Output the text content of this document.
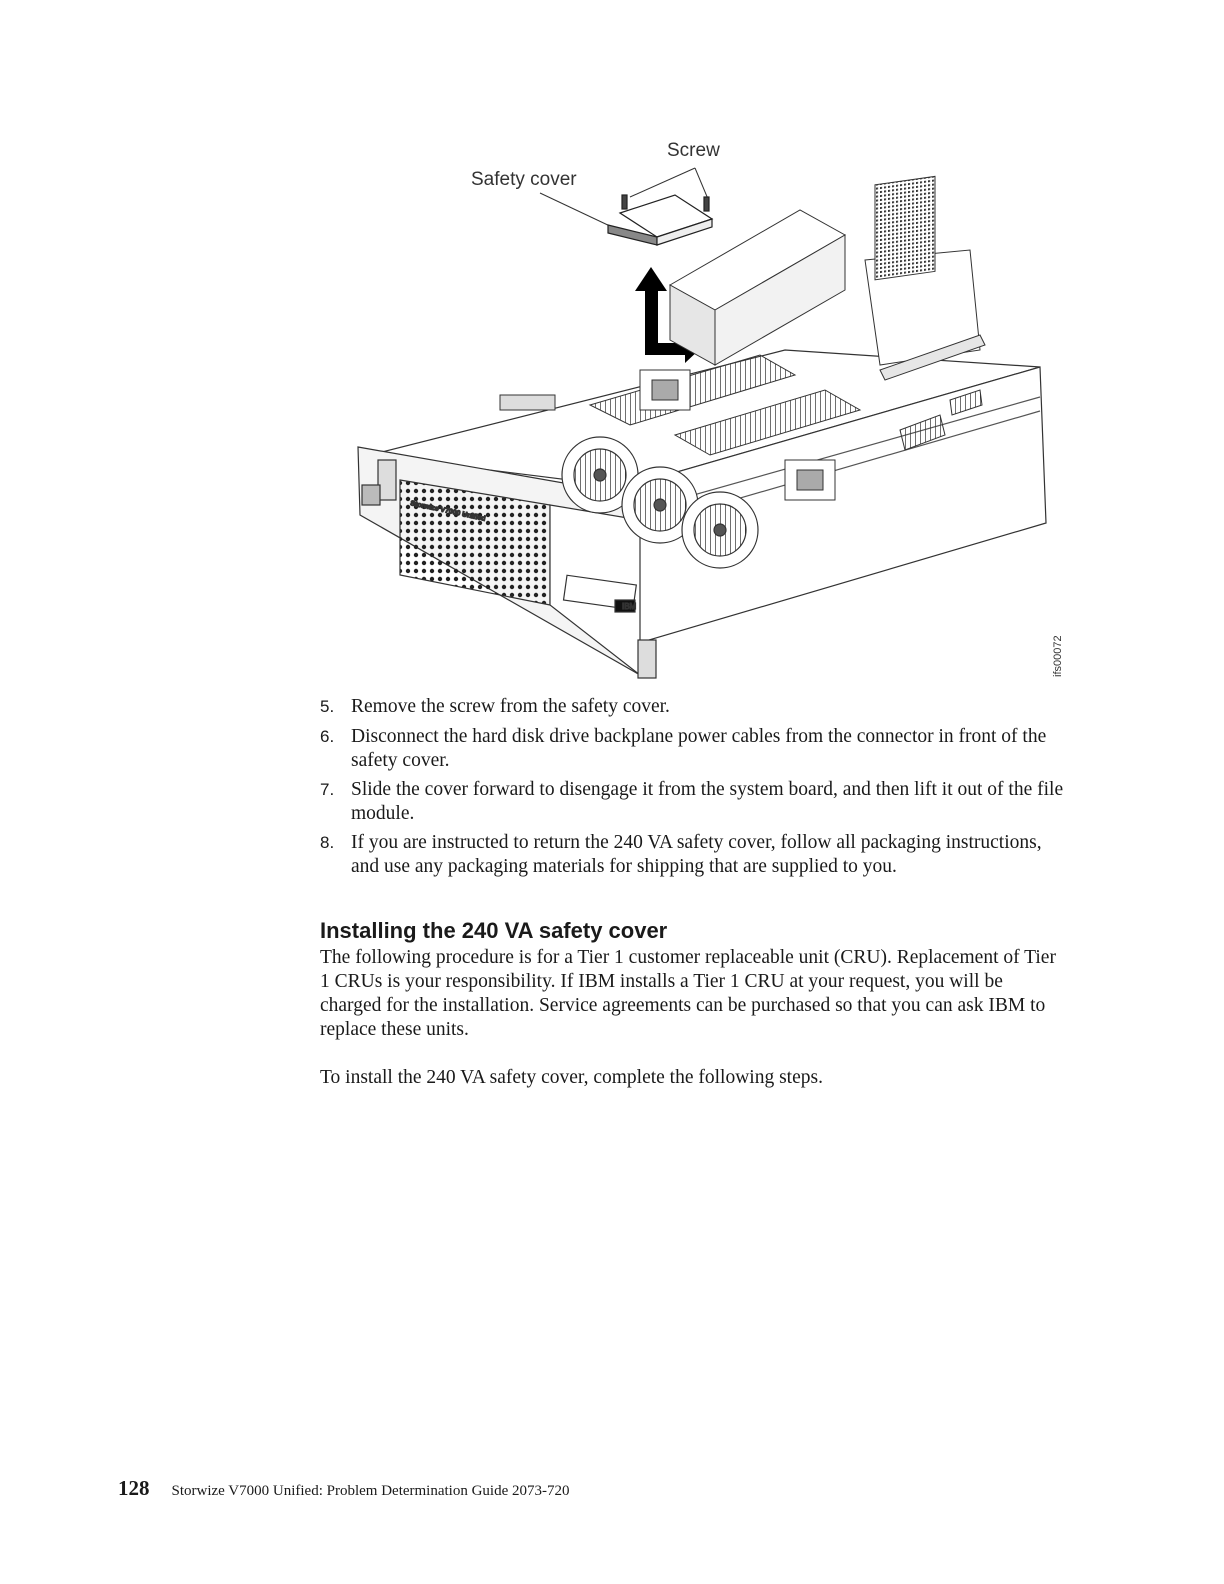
IBM
Storwize V7000 Unified
Screw
Safety cover
ifs00072
5. Remove the screw from the safety cover.
6. Disconnect the hard disk drive backplane power cables from the connector in front of the safety cover.
7. Slide the cover forward to disengage it from the system board, and then lift it out of the file module.
8. If you are instructed to return the 240 VA safety cover, follow all packaging instructions, and use any packaging materials for shipping that are supplied to you.
Installing the 240 VA safety cover

The following procedure is for a Tier 1 customer replaceable unit (CRU). Replacement of Tier 1 CRUs is your responsibility. If IBM installs a Tier 1 CRU at your request, you will be charged for the installation. Service agreements can be purchased so that you can ask IBM to replace these units.

To install the 240 VA safety cover, complete the following steps.

128 Storwize V7000 Unified: Problem Determination Guide 2073-720
